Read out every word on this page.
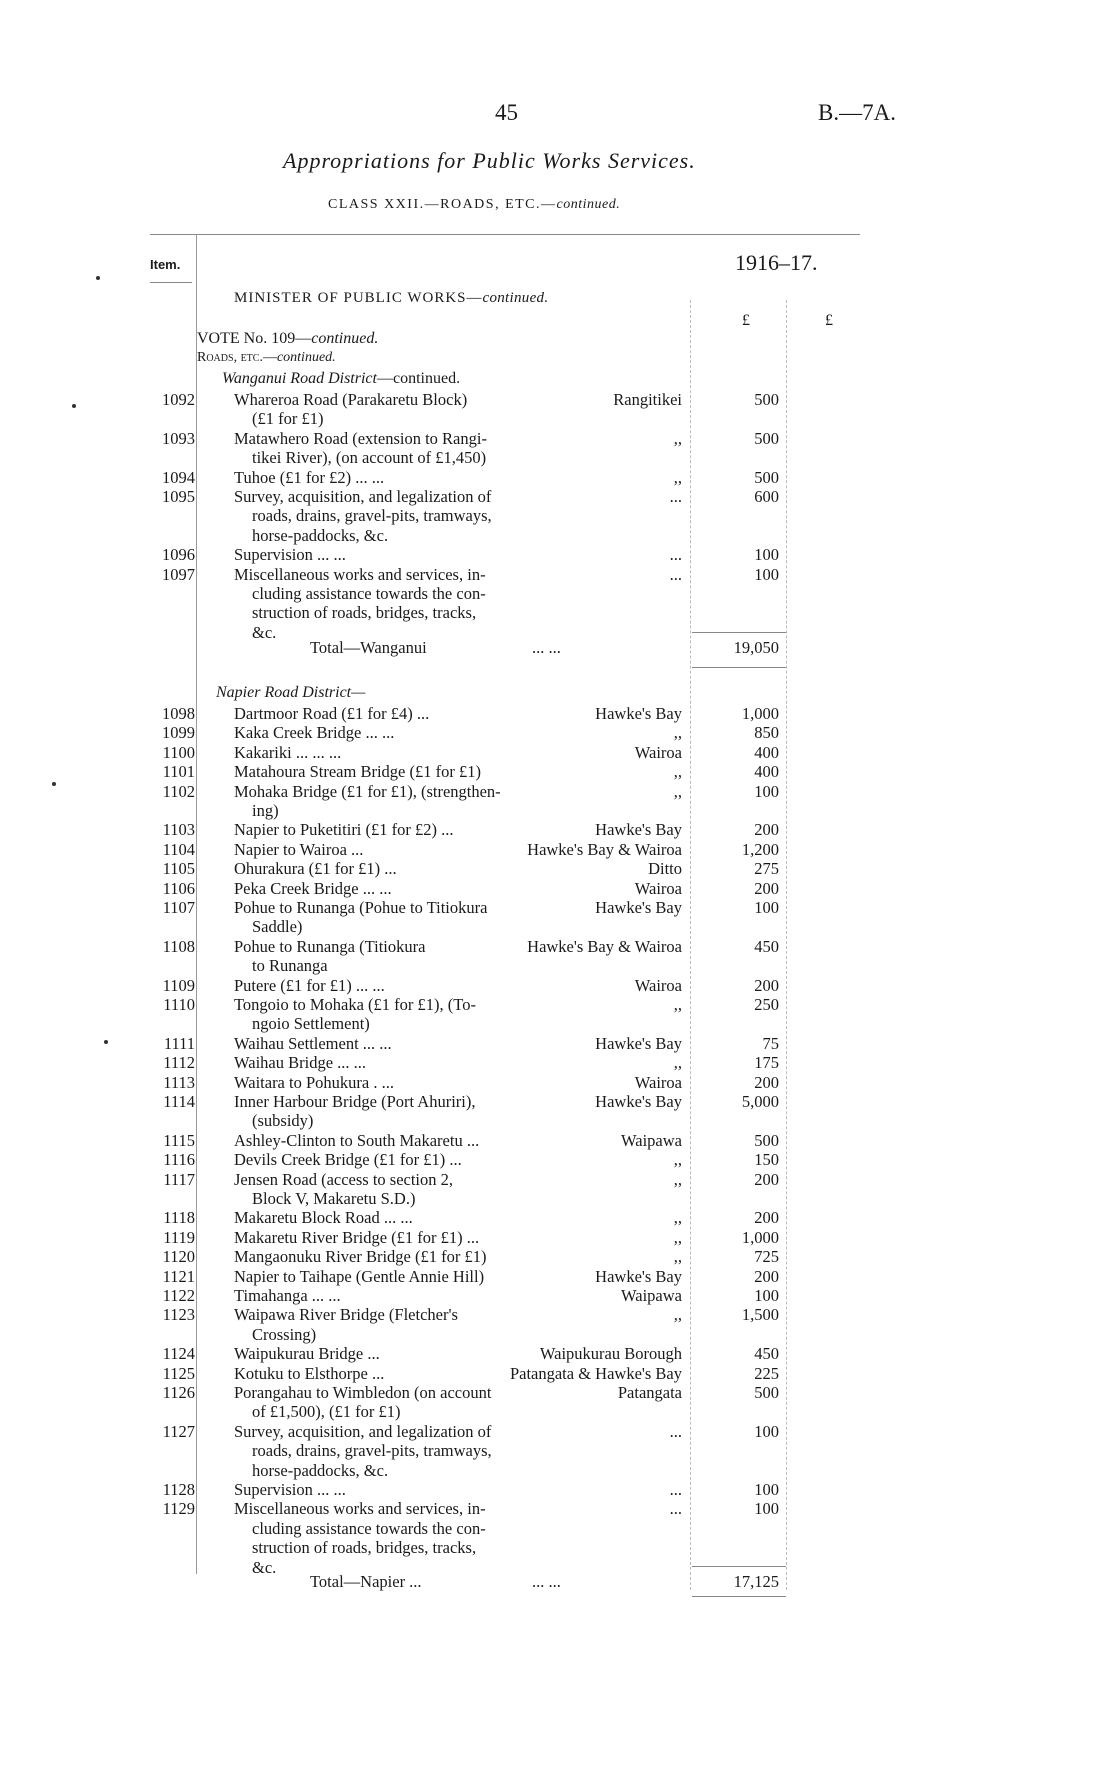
45	B.—7A.
Appropriations for Public Works Services.
CLASS XXII.—ROADS, ETC.—continued.
Item.	1916–17.
£	£
MINISTER OF PUBLIC WORKS—continued.
VOTE No. 109—continued.
Roads, etc.—continued.
Wanganui Road District—continued.
1092 Whareroa Road (Parakaretu Block)
(£1 for £1)
Rangitikei	500
1093 Matawhero Road (extension to Rangi-
tikei River), (on account of £1,450)
,,	500
1094 Tuhoe (£1 for £2) ... ...	,,	500
1095 Survey, acquisition, and legalization of
roads, drains, gravel-pits, tramways,
horse-paddocks, &c.
...	600
1096 Supervision ... ...	...	100
1097 Miscellaneous works and services, in-
cluding assistance towards the con-
struction of roads, bridges, tracks,
&c.
...	100
Total—Wanganui	... ...	19,050
Napier Road District—
1098 Dartmoor Road (£1 for £4) ...	Hawke's Bay	1,000
1099 Kaka Creek Bridge ... ...	,,	850
1100 Kakariki ... ... ...	Wairoa	400
1101 Matahoura Stream Bridge (£1 for £1)	,,	400
1102 Mohaka Bridge (£1 for £1), (strengthen-
ing)
,,	100
1103 Napier to Puketitiri (£1 for £2) ...	Hawke's Bay	200
1104 Napier to Wairoa ...	Hawke's Bay & Wairoa	1,200
1105 Ohurakura (£1 for £1) ...	Ditto	275
1106 Peka Creek Bridge ... ...	Wairoa	200
1107 Pohue to Runanga (Pohue to Titiokura
Saddle)
Hawke's Bay	100
1108 Pohue to Runanga (Titiokura
to Runanga
Hawke's Bay & Wairoa	450
1109 Putere (£1 for £1) ... ...	Wairoa	200
1110 Tongoio to Mohaka (£1 for £1), (To-
ngoio Settlement)
,,	250
1111 Waihau Settlement ... ...	Hawke's Bay	75
1112 Waihau Bridge ... ...	,,	175
1113 Waitara to Pohukura . ...	Wairoa	200
1114 Inner Harbour Bridge (Port Ahuriri),
(subsidy)
Hawke's Bay	5,000
1115 Ashley-Clinton to South Makaretu ...	Waipawa	500
1116 Devils Creek Bridge (£1 for £1) ...	,,	150
1117 Jensen Road (access to section 2,
Block V, Makaretu S.D.)
,,	200
1118 Makaretu Block Road ... ...	,,	200
1119 Makaretu River Bridge (£1 for £1) ...	,,	1,000
1120 Mangaonuku River Bridge (£1 for £1)	,,	725
1121 Napier to Taihape (Gentle Annie Hill)	Hawke's Bay	200
1122 Timahanga ... ...	Waipawa	100
1123 Waipawa River Bridge (Fletcher's
Crossing)
,,	1,500
1124 Waipukurau Bridge ...	Waipukurau Borough	450
1125 Kotuku to Elsthorpe ...	Patangata & Hawke's Bay	225
1126 Porangahau to Wimbledon (on account
of £1,500), (£1 for £1)
Patangata	500
1127 Survey, acquisition, and legalization of
roads, drains, gravel-pits, tramways,
horse-paddocks, &c.
...	100
1128 Supervision ... ...	...	100
1129 Miscellaneous works and services, in-
cluding assistance towards the con-
struction of roads, bridges, tracks,
&c.
...	100
Total—Napier ...	... ...	17,125
